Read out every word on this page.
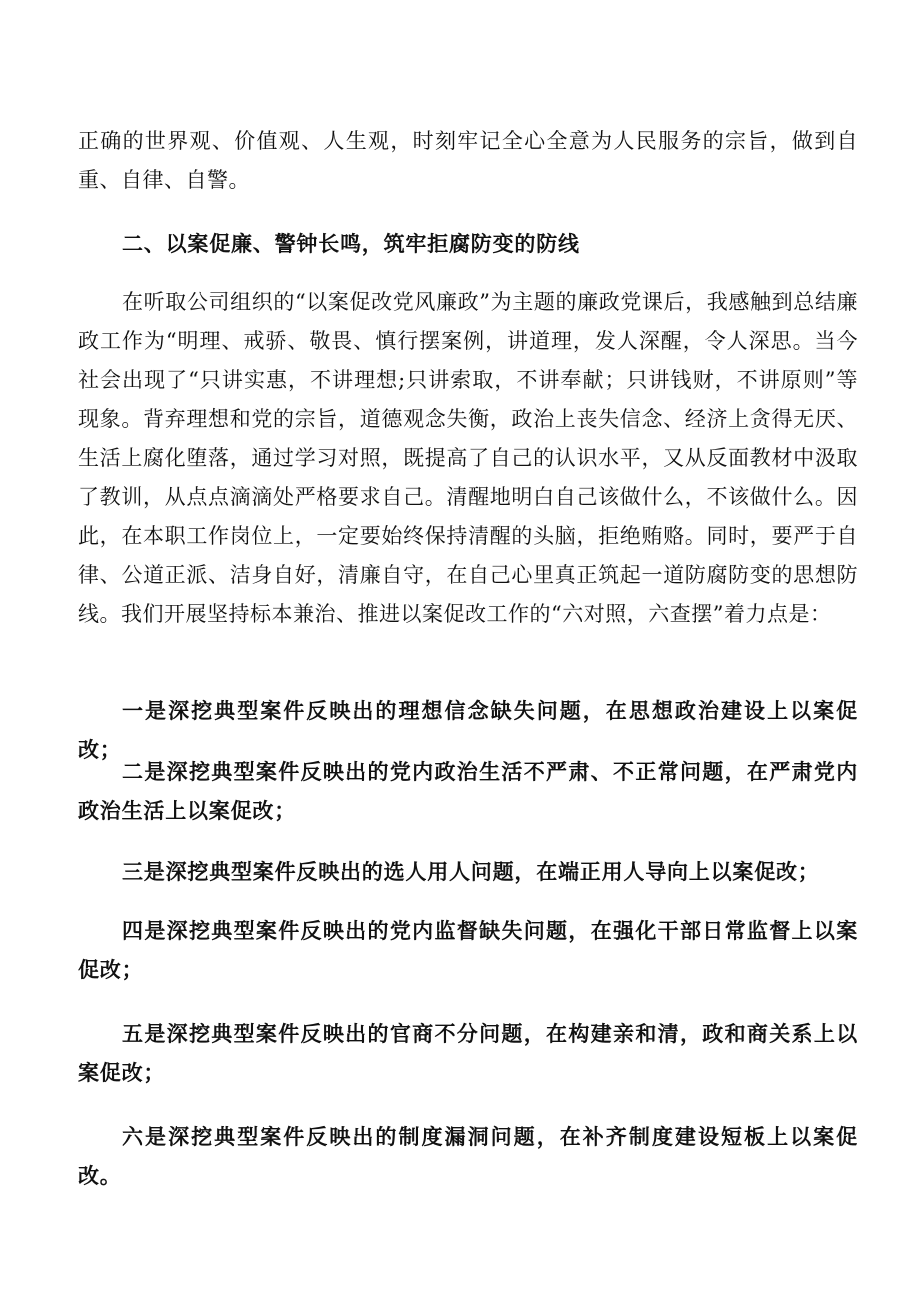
正确的世界观、价值观、人生观，时刻牢记全心全意为人民服务的宗旨，做到自重、自律、自警。

二、以案促廉、警钟长鸣，筑牢拒腐防变的防线

在听取公司组织的“以案促改党风廉政”为主题的廉政党课后，我感触到总结廉政工作为“明理、戒骄、敬畏、慎行摆案例，讲道理，发人深醒，令人深思。当今社会出现了“只讲实惠，不讲理想;只讲索取，不讲奉献；只讲钱财，不讲原则”等现象。背弃理想和党的宗旨，道德观念失衡，政治上丧失信念、经济上贪得无厌、生活上腐化堕落，通过学习对照，既提高了自己的认识水平，又从反面教材中汲取了教训，从点点滴滴处严格要求自己。清醒地明白自己该做什么，不该做什么。因此，在本职工作岗位上，一定要始终保持清醒的头脑，拒绝贿赂。同时，要严于自律、公道正派、洁身自好，清廉自守，在自己心里真正筑起一道防腐防变的思想防线。我们开展坚持标本兼治、推进以案促改工作的“六对照，六查摆”着力点是：

一是深挖典型案件反映出的理想信念缺失问题，在思想政治建设上以案促改；

二是深挖典型案件反映出的党内政治生活不严肃、不正常问题，在严肃党内政治生活上以案促改；

三是深挖典型案件反映出的选人用人问题，在端正用人导向上以案促改；

四是深挖典型案件反映出的党内监督缺失问题，在强化干部日常监督上以案促改；

五是深挖典型案件反映出的官商不分问题，在构建亲和清，政和商关系上以案促改；

六是深挖典型案件反映出的制度漏洞问题，在补齐制度建设短板上以案促改。
